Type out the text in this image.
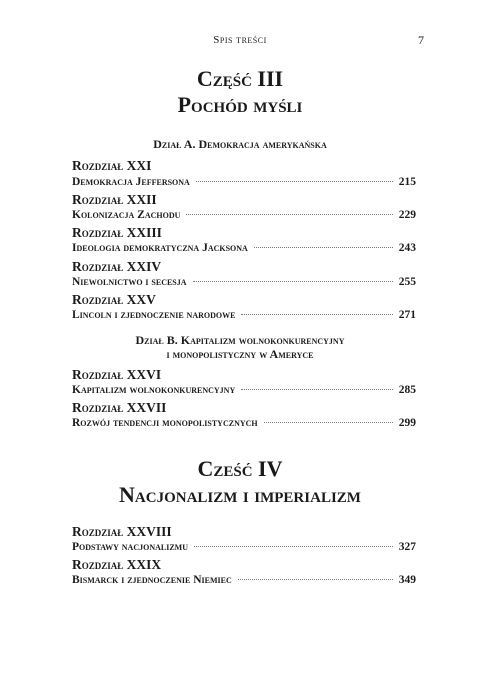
Spis treści	7
Część III
Pochód myśli
Dział A. Demokracja amerykańska
Rozdział XXI
Demokracja Jeffersona	215
Rozdział XXII
Kolonizacja Zachodu	229
Rozdział XXIII
Ideologia demokratyczna Jacksona	243
Rozdział XXIV
Niewolnictwo i secesja	255
Rozdział XXV
Lincoln i zjednoczenie narodowe	271
Dział B. Kapitalizm wolnokonkurencyjny
i monopolistyczny w Ameryce
Rozdział XXVI
Kapitalizm wolnokonkurencyjny	285
Rozdział XXVII
Rozwój tendencji monopolistycznych	299
Cześć IV
Nacjonalizm i imperializm
Rozdział XXVIII
Podstawy nacjonalizmu	327
Rozdział XXIX
Bismarck i zjednoczenie Niemiec	349
